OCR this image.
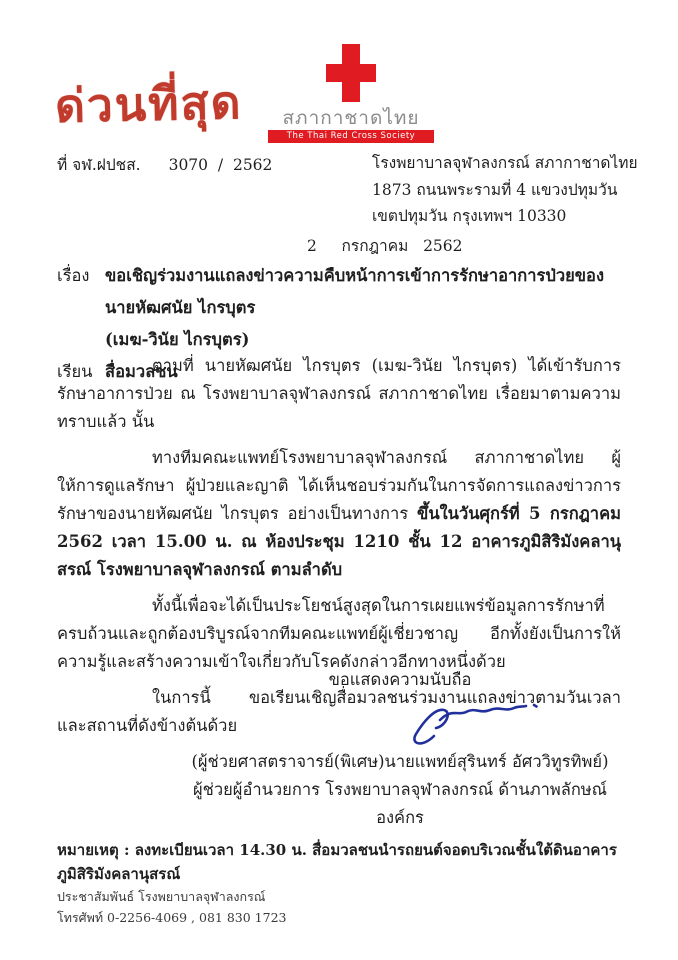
ด่วนที่สุด	สภากาชาดไทย
The Thai Red Cross Society
ที่ จฬ.ฝปชส. 3070  /  2562	โรงพยาบาลจุฬาลงกรณ์ สภากาชาดไทย
1873 ถนนพระรามที่ 4 แขวงปทุมวัน
เขตปทุมวัน กรุงเทพฯ 10330
2     กรกฎาคม   2562
เรื่อง ขอเชิญร่วมงานแถลงข่าวความคืบหน้าการเข้าการรักษาอาการป่วยของนายหัฒศนัย ไกรบุตร
(เมฆ-วินัย ไกรบุตร)
เรียน สื่อมวลชน

ตามที่ นายหัฒศนัย ไกรบุตร (เมฆ-วินัย ไกรบุตร) ได้เข้ารับการรักษาอาการป่วย ณ โรงพยาบาลจุฬาลงกรณ์ สภากาชาดไทย เรื่อยมาตามความทราบแล้ว นั้น

ทางทีมคณะแพทย์โรงพยาบาลจุฬาลงกรณ์ สภากาชาดไทย ผู้ให้การดูแลรักษา ผู้ป่วยและญาติ ได้เห็นชอบร่วมกันในการจัดการแถลงข่าวการรักษาของนายหัฒศนัย ไกรบุตร อย่างเป็นทางการ ขึ้นในวันศุกร์ที่ 5 กรกฎาคม 2562 เวลา 15.00 น. ณ ห้องประชุม 1210 ชั้น 12 อาคารภูมิสิริมังคลานุสรณ์ โรงพยาบาลจุฬาลงกรณ์ ตามลำดับ

ทั้งนี้เพื่อจะได้เป็นประโยชน์สูงสุดในการเผยแพร่ข้อมูลการรักษาที่ครบถ้วนและถูกต้องบริบูรณ์จากทีมคณะแพทย์ผู้เชี่ยวชาญ อีกทั้งยังเป็นการให้ความรู้และสร้างความเข้าใจเกี่ยวกับโรคดังกล่าวอีกทางหนึ่งด้วย

ในการนี้ ขอเรียนเชิญสื่อมวลชนร่วมงานแถลงข่าวตามวันเวลา และสถานที่ดังข้างต้นด้วย

ขอแสดงความนับถือ
(ผู้ช่วยศาสตราจารย์(พิเศษ)นายแพทย์สุรินทร์ อัศววิทูรทิพย์)
ผู้ช่วยผู้อำนวยการ โรงพยาบาลจุฬาลงกรณ์ ด้านภาพลักษณ์องค์กร
หมายเหตุ : ลงทะเบียนเวลา 14.30 น. สื่อมวลชนนำรถยนต์จอดบริเวณชั้นใต้ดินอาคารภูมิสิริมังคลานุสรณ์
ประชาสัมพันธ์ โรงพยาบาลจุฬาลงกรณ์
โทรศัพท์ 0-2256-4069 , 081 830 1723
